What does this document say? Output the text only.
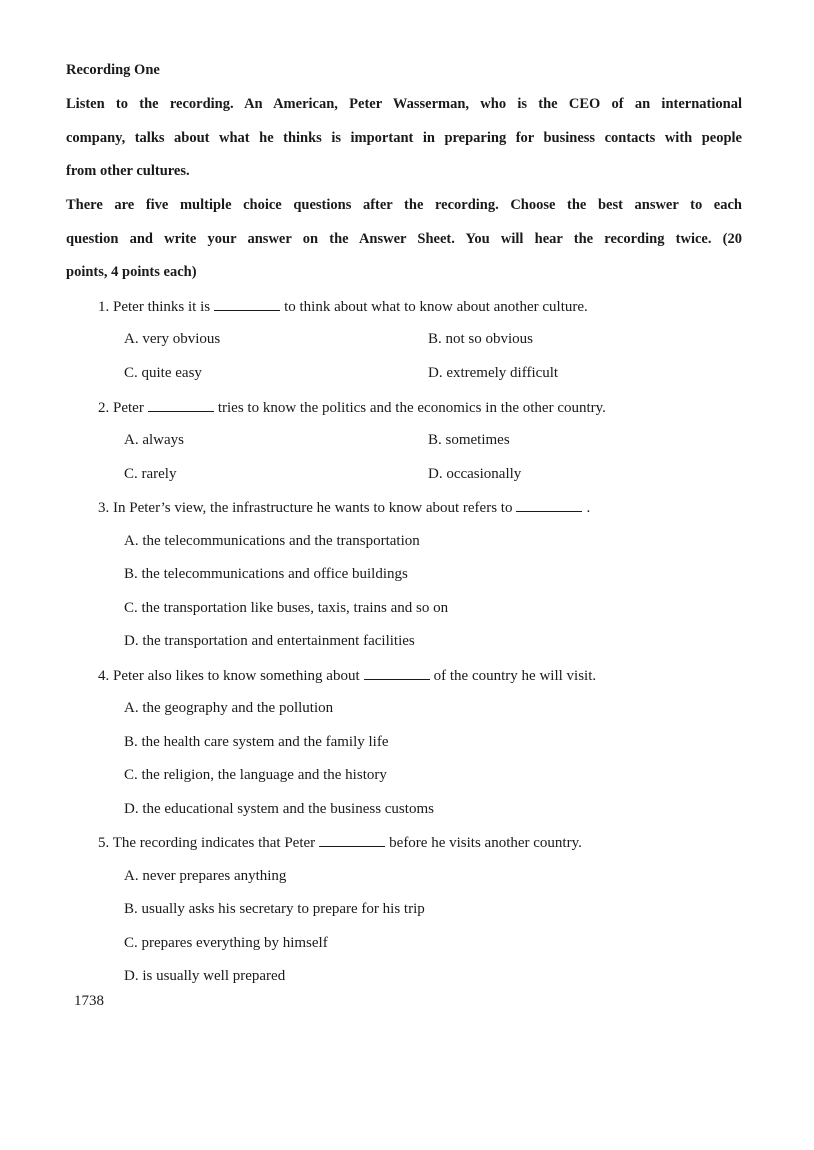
Recording One
Listen to the recording. An American, Peter Wasserman, who is the CEO of an international
company, talks about what he thinks is important in preparing for business contacts with people
from other cultures.
There are five multiple choice questions after the recording. Choose the best answer to each
question and write your answer on the Answer Sheet. You will hear the recording twice. (20
points, 4 points each)
1. Peter thinks it is	to think about what to know about another culture.
A. very obvious	B. not so obvious
C. quite easy	D. extremely difficult
2. Peter	tries to know the politics and the economics in the other country.
A. always	B. sometimes
C. rarely	D. occasionally
3. In Peter’s view, the infrastructure he wants to know about refers to	.
A. the telecommunications and the transportation
B. the telecommunications and office buildings
C. the transportation like buses, taxis, trains and so on
D. the transportation and entertainment facilities
4. Peter also likes to know something about	of the country he will visit.
A. the geography and the pollution
B. the health care system and the family life
C. the religion, the language and the history
D. the educational system and the business customs
5. The recording indicates that Peter	before he visits another country.
A. never prepares anything
B. usually asks his secretary to prepare for his trip
C. prepares everything by himself
D. is usually well prepared
1738
